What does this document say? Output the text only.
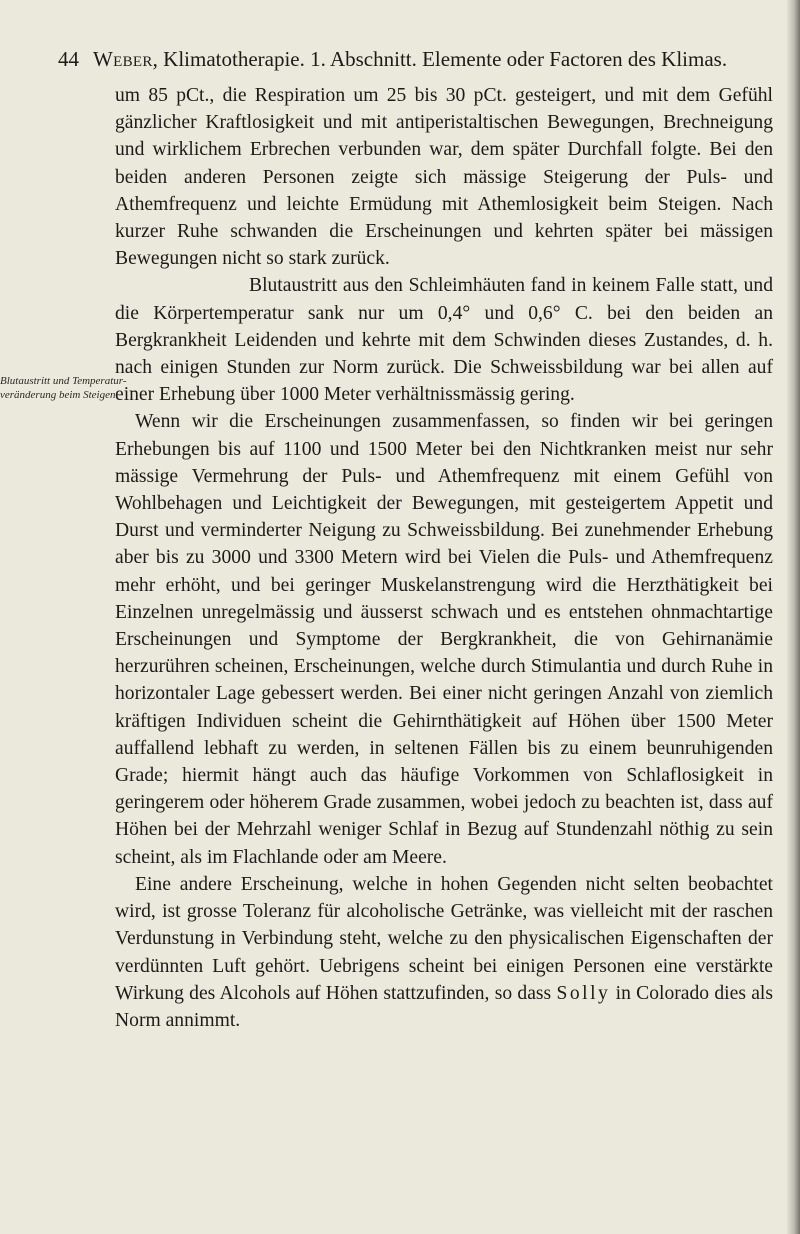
44 Weber, Klimatotherapie. 1. Abschnitt. Elemente oder Factoren des Klimas.
Blutaustritt und Temperatur-
veränderung beim Steigen.

um 85 pCt., die Respiration um 25 bis 30 pCt. gesteigert, und mit dem Gefühl gänzlicher Kraftlosigkeit und mit antiperistaltischen Bewegungen, Brechneigung und wirklichem Erbrechen verbunden war, dem später Durchfall folgte. Bei den beiden anderen Personen zeigte sich mässige Steigerung der Puls- und Athemfrequenz und leichte Ermüdung mit Athemlosigkeit beim Steigen. Nach kurzer Ruhe schwanden die Erscheinungen und kehrten später bei mässigen Bewegungen nicht so stark zurück.

Blutaustritt aus den Schleimhäuten fand in keinem Falle statt, und die Körpertemperatur sank nur um 0,4° und 0,6° C. bei den beiden an Bergkrankheit Leidenden und kehrte mit dem Schwinden dieses Zustandes, d. h. nach einigen Stunden zur Norm zurück. Die Schweissbildung war bei allen auf einer Erhebung über 1000 Meter verhältnissmässig gering.

Wenn wir die Erscheinungen zusammenfassen, so finden wir bei geringen Erhebungen bis auf 1100 und 1500 Meter bei den Nichtkranken meist nur sehr mässige Vermehrung der Puls- und Athemfrequenz mit einem Gefühl von Wohlbehagen und Leichtigkeit der Bewegungen, mit gesteigertem Appetit und Durst und verminderter Neigung zu Schweissbildung. Bei zunehmender Erhebung aber bis zu 3000 und 3300 Metern wird bei Vielen die Puls- und Athemfrequenz mehr erhöht, und bei geringer Muskelanstrengung wird die Herzthätigkeit bei Einzelnen unregelmässig und äusserst schwach und es entstehen ohnmachtartige Erscheinungen und Symptome der Bergkrankheit, die von Gehirnanämie herzurühren scheinen, Erscheinungen, welche durch Stimulantia und durch Ruhe in horizontaler Lage gebessert werden. Bei einer nicht geringen Anzahl von ziemlich kräftigen Individuen scheint die Gehirnthätigkeit auf Höhen über 1500 Meter auffallend lebhaft zu werden, in seltenen Fällen bis zu einem beunruhigenden Grade; hiermit hängt auch das häufige Vorkommen von Schlaflosigkeit in geringerem oder höherem Grade zusammen, wobei jedoch zu beachten ist, dass auf Höhen bei der Mehrzahl weniger Schlaf in Bezug auf Stundenzahl nöthig zu sein scheint, als im Flachlande oder am Meere.

Eine andere Erscheinung, welche in hohen Gegenden nicht selten beobachtet wird, ist grosse Toleranz für alcoholische Getränke, was vielleicht mit der raschen Verdunstung in Verbindung steht, welche zu den physicalischen Eigenschaften der verdünnten Luft gehört. Uebrigens scheint bei einigen Personen eine verstärkte Wirkung des Alcohols auf Höhen stattzufinden, so dass Solly in Colorado dies als Norm annimmt.
